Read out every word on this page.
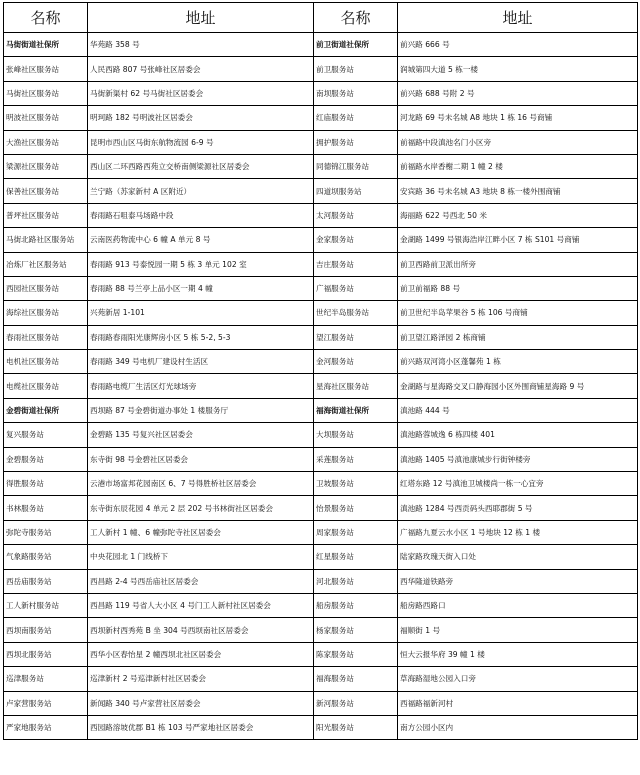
名称	地址	名称	地址
马街街道社保所	华苑路 358 号	前卫街道社保所	前兴路 666 号
张峰社区服务站	人民西路 807 号张峰社区居委会	前卫服务站	润城第四大道 5 栋一楼
马街社区服务站	马街新渠村 62 号马街社区居委会	南坝服务站	前兴路 688 号附 2 号
明波社区服务站	明珂路 182 号明波社区居委会	红庙服务站	河龙路 69 号未名城 A8 地块 1 栋 16 号商铺
大渔社区服务站	昆明市西山区马街东航物流园 6-9 号	拥护服务站	前福路中段滇池名门小区旁
梁源社区服务站	西山区二环西路西苑立交桥南侧梁源社区居委会	同德锦江服务站	前福路水岸香榭二期 1 幢 2 楼
保善社区服务站	兰宁路（苏家新村 A 区附近）	四道坝服务站	安宾路 36 号未名城 A3 地块 8 栋一楼外围商铺
普坪社区服务站	春雨路石咀泰马场路中段	太河服务站	海丽路 622 号西北 50 米
马街北路社区服务站	云南医药物流中心 6 幢 A 单元 8 号	金家服务站	金湖路 1499 号银海浩岸江畔小区 7 栋 S101 号商铺
冶炼厂社区服务站	春雨路 913 号泰悦园一期 5 栋 3 单元 102 室	吉庄服务站	前卫西路前卫派出所旁
西园社区服务站	春雨路 88 号兰亭上品小区一期 4 幢	广福服务站	前卫前福路 88 号
海综社区服务站	兴苑新居 1-101	世纪半岛服务站	前卫世纪半岛苹果谷 5 栋 106 号商铺
春雨社区服务站	春雨路春雨阳光康辉房小区 5 栋 5-2, 5-3	望江服务站	前卫望江路泽园 2 栋商铺
电机社区服务站	春雨路 349 号电机厂建设村生活区	金河服务站	前兴路双河湾小区蓬馨苑 1 栋
电缆社区服务站	春雨路电缆厂生活区灯光球场旁	星海社区服务站	金湖路与星海路交叉口静海园小区外围商铺星海路 9 号
金碧街道社保所	西坝路 87 号金碧街道办事处 1 楼服务厅	福海街道社保所	滇池路 444 号
复兴服务站	金碧路 135 号复兴社区居委会	大坝服务站	滇池路蓉城逸 6 栋四楼 401
金碧服务站	东寺街 98 号金碧社区居委会	采莲服务站	滇池路 1405 号滇池康城步行街钟楼旁
得胜服务站	云港市场富邦花园南区 6、7 号得胜桥社区居委会	卫坡服务站	红塔东路 12 号滇池卫城楼尚一栋一心宜旁
书林服务站	东寺街东辰花园 4 单元 2 层 202 号书林街社区居委会	怡景服务站	滇池路 1284 号西贡码头西耶郡街 5 号
弥陀寺服务站	工人新村 1 幢、6 幢弥陀寺社区居委会	周家服务站	广福路九夏云水小区 1 号地块 12 栋 1 楼
气象路服务站	中央花园北 1 门线桥下	红星服务站	陆家路玫瑰天街入口处
西岳庙服务站	西昌路 2-4 号西岳庙社区居委会	河北服务站	西华隆道铁路旁
工人新村服务站	西昌路 119 号省人大小区 4 号门工人新村社区居委会	船房服务站	船房路西路口
西坝南服务站	西坝新村西秀苑 B 坐 304 号西坝南社区居委会	杨家服务站	福顺街 1 号
西坝北服务站	西华小区春怡星 2 幢西坝北社区居委会	陈家服务站	恒大云报华府 39 幢 1 楼
巡津服务站	巡津新村 2 号巡津新村社区居委会	福海服务站	草海路湿地公园入口旁
卢家营服务站	新闻路 340 号卢家营社区居委会	新河服务站	西福路福新河村
严家地服务站	西园路溶坡优郡 B1 栋 103 号严家地社区居委会	阳光服务站	南方公园小区内
